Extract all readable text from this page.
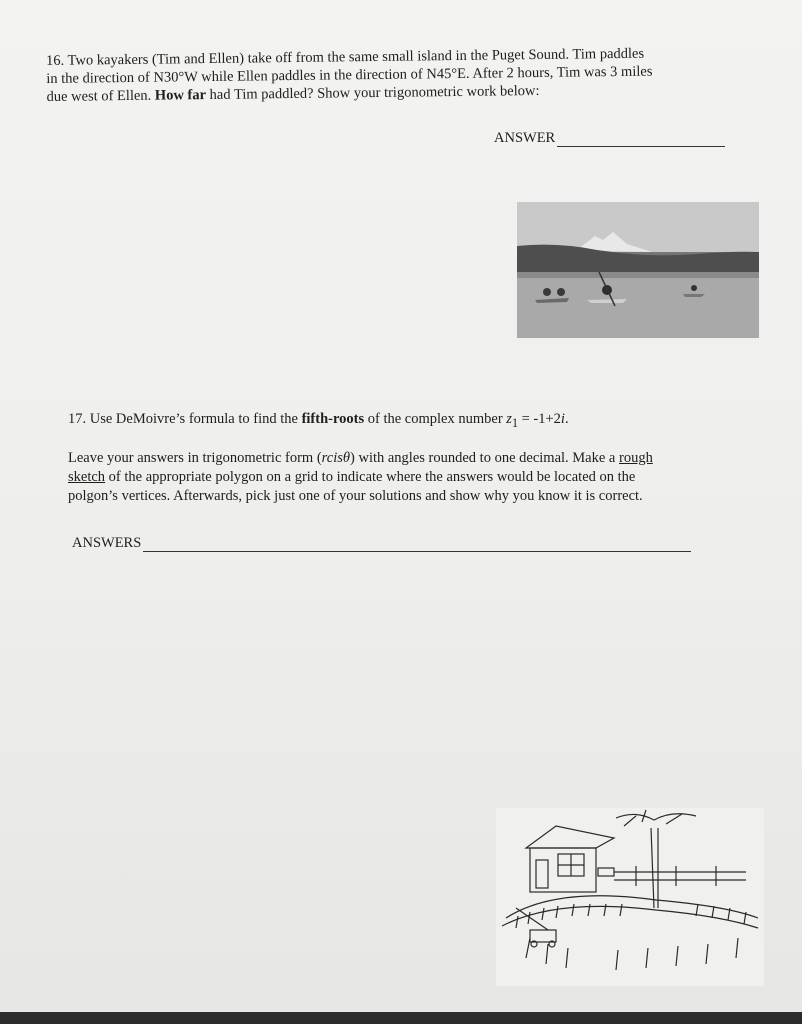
16. Two kayakers (Tim and Ellen) take off from the same small island in the Puget Sound. Tim paddles

in the direction of N30°W while Ellen paddles in the direction of N45°E. After 2 hours, Tim was 3 miles

due west of Ellen. How far had Tim paddled? Show your trigonometric work below:

ANSWER

17. Use DeMoivre’s formula to find the fifth-roots of the complex number $z_1 = -1+2i$.

Leave your answers in trigonometric form (rcisθ) with angles rounded to one decimal. Make a rough

sketch of the appropriate polygon on a grid to indicate where the answers would be located on the

polgon’s vertices. Afterwards, pick just one of your solutions and show why you know it is correct.

ANSWERS
